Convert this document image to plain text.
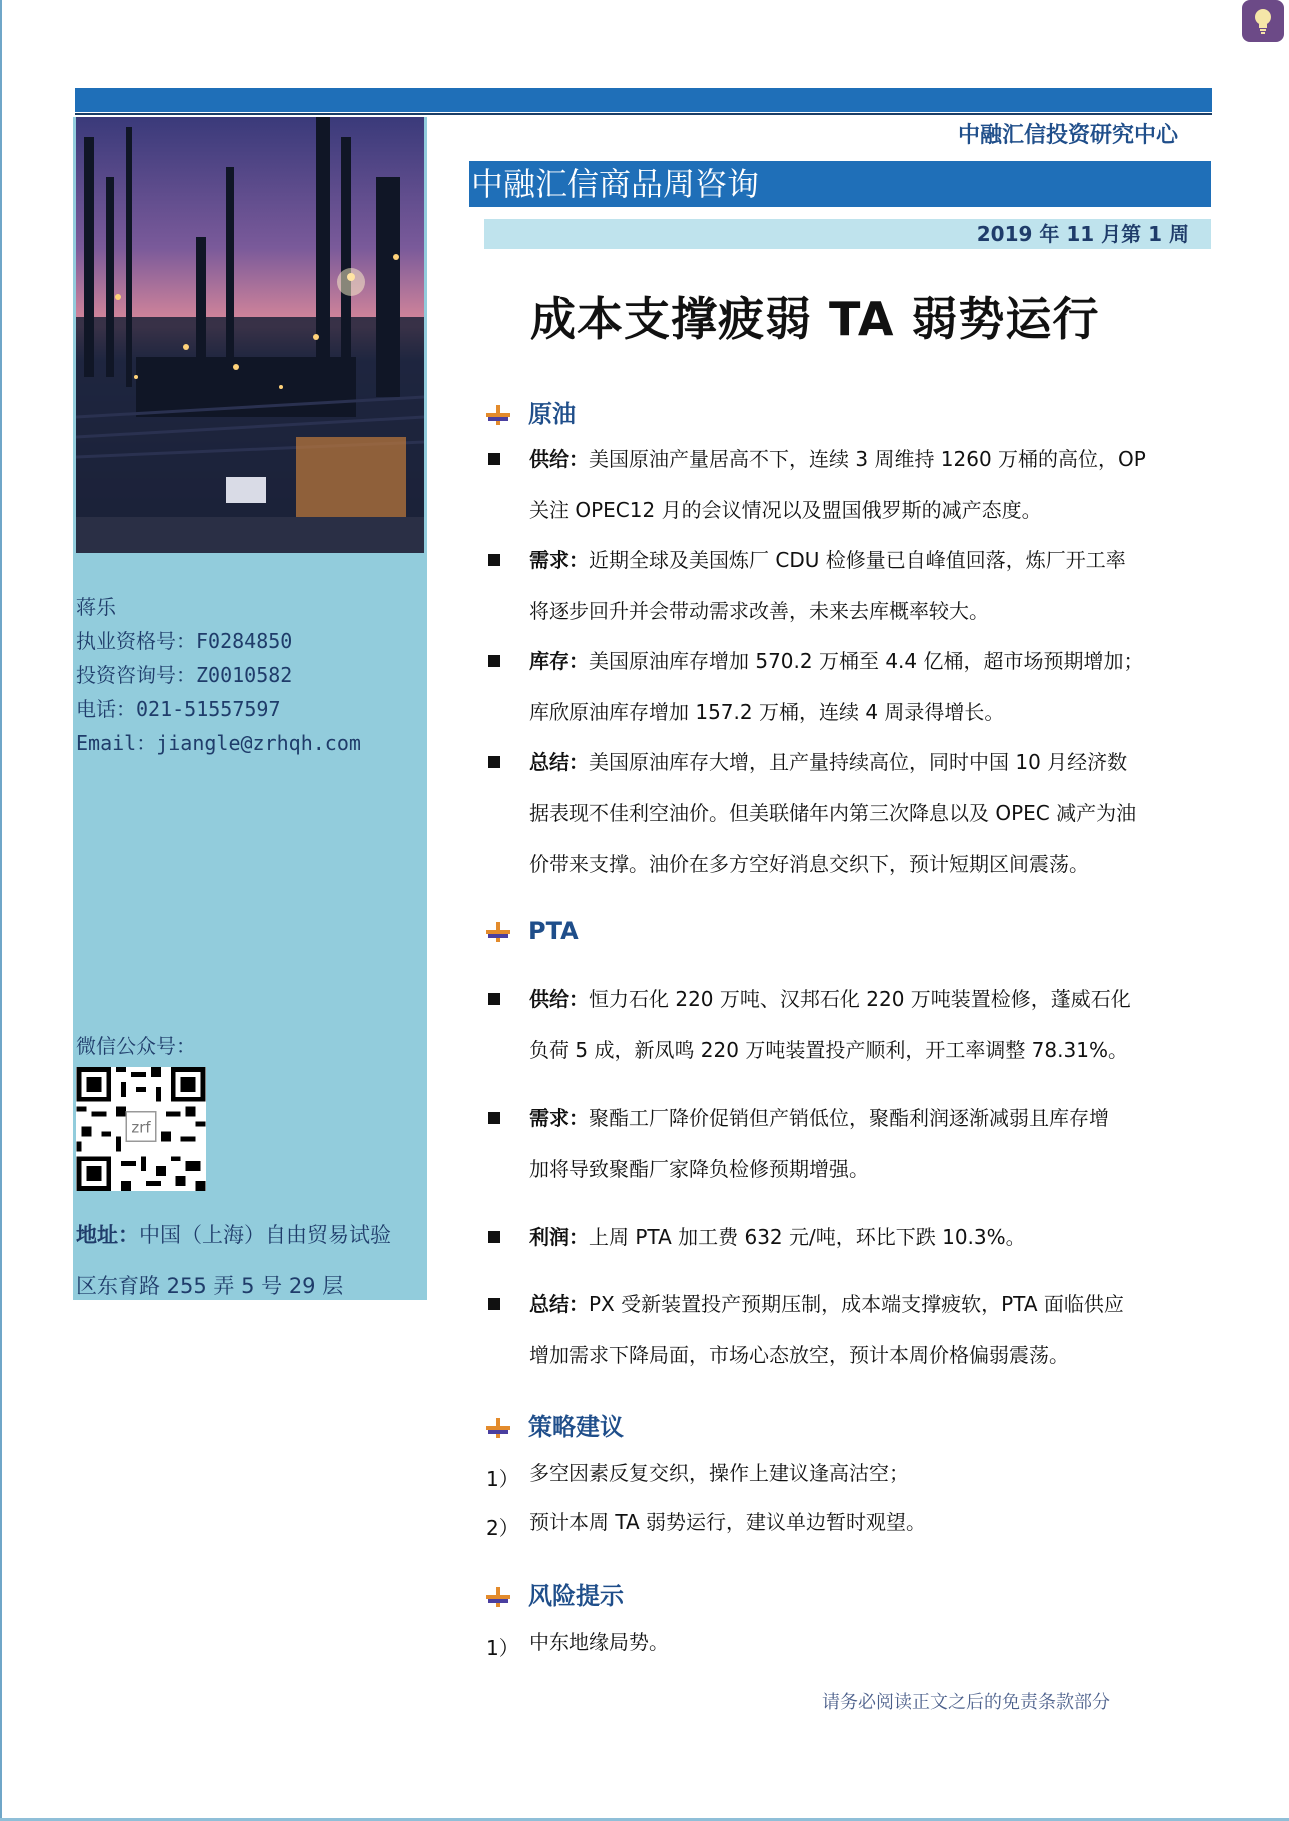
中融汇信投资研究中心
中融汇信商品周咨询
2019 年 11 月第 1 周
成本支撑疲弱 TA 弱势运行
蒋乐
执业资格号：F0284850
投资咨询号：Z0010582
电话：021-51557597
Email：jiangle@zrhqh.com
微信公众号：
zrf
地址：中国（上海）自由贸易试验
区东育路 255 弄 5 号 29 层
原油
供给：美国原油产量居高不下，连续 3 周维持 1260 万桶的高位，OP
关注 OPEC12 月的会议情况以及盟国俄罗斯的减产态度。
需求：近期全球及美国炼厂 CDU 检修量已自峰值回落，炼厂开工率
将逐步回升并会带动需求改善，未来去库概率较大。
库存：美国原油库存增加 570.2 万桶至 4.4 亿桶，超市场预期增加；
库欣原油库存增加 157.2 万桶，连续 4 周录得增长。
总结：美国原油库存大增，且产量持续高位，同时中国 10 月经济数
据表现不佳利空油价。但美联储年内第三次降息以及 OPEC 减产为油
价带来支撑。油价在多方空好消息交织下，预计短期区间震荡。
PTA
供给：恒力石化 220 万吨、汉邦石化 220 万吨装置检修，蓬威石化
负荷 5 成，新凤鸣 220 万吨装置投产顺利，开工率调整 78.31%。
需求：聚酯工厂降价促销但产销低位，聚酯利润逐渐减弱且库存增
加将导致聚酯厂家降负检修预期增强。
利润：上周 PTA 加工费 632 元/吨，环比下跌 10.3%。
总结：PX 受新装置投产预期压制，成本端支撑疲软，PTA 面临供应
增加需求下降局面，市场心态放空，预计本周价格偏弱震荡。
策略建议
1） 多空因素反复交织，操作上建议逢高沽空；
2） 预计本周 TA 弱势运行，建议单边暂时观望。
风险提示
1） 中东地缘局势。
请务必阅读正文之后的免责条款部分
